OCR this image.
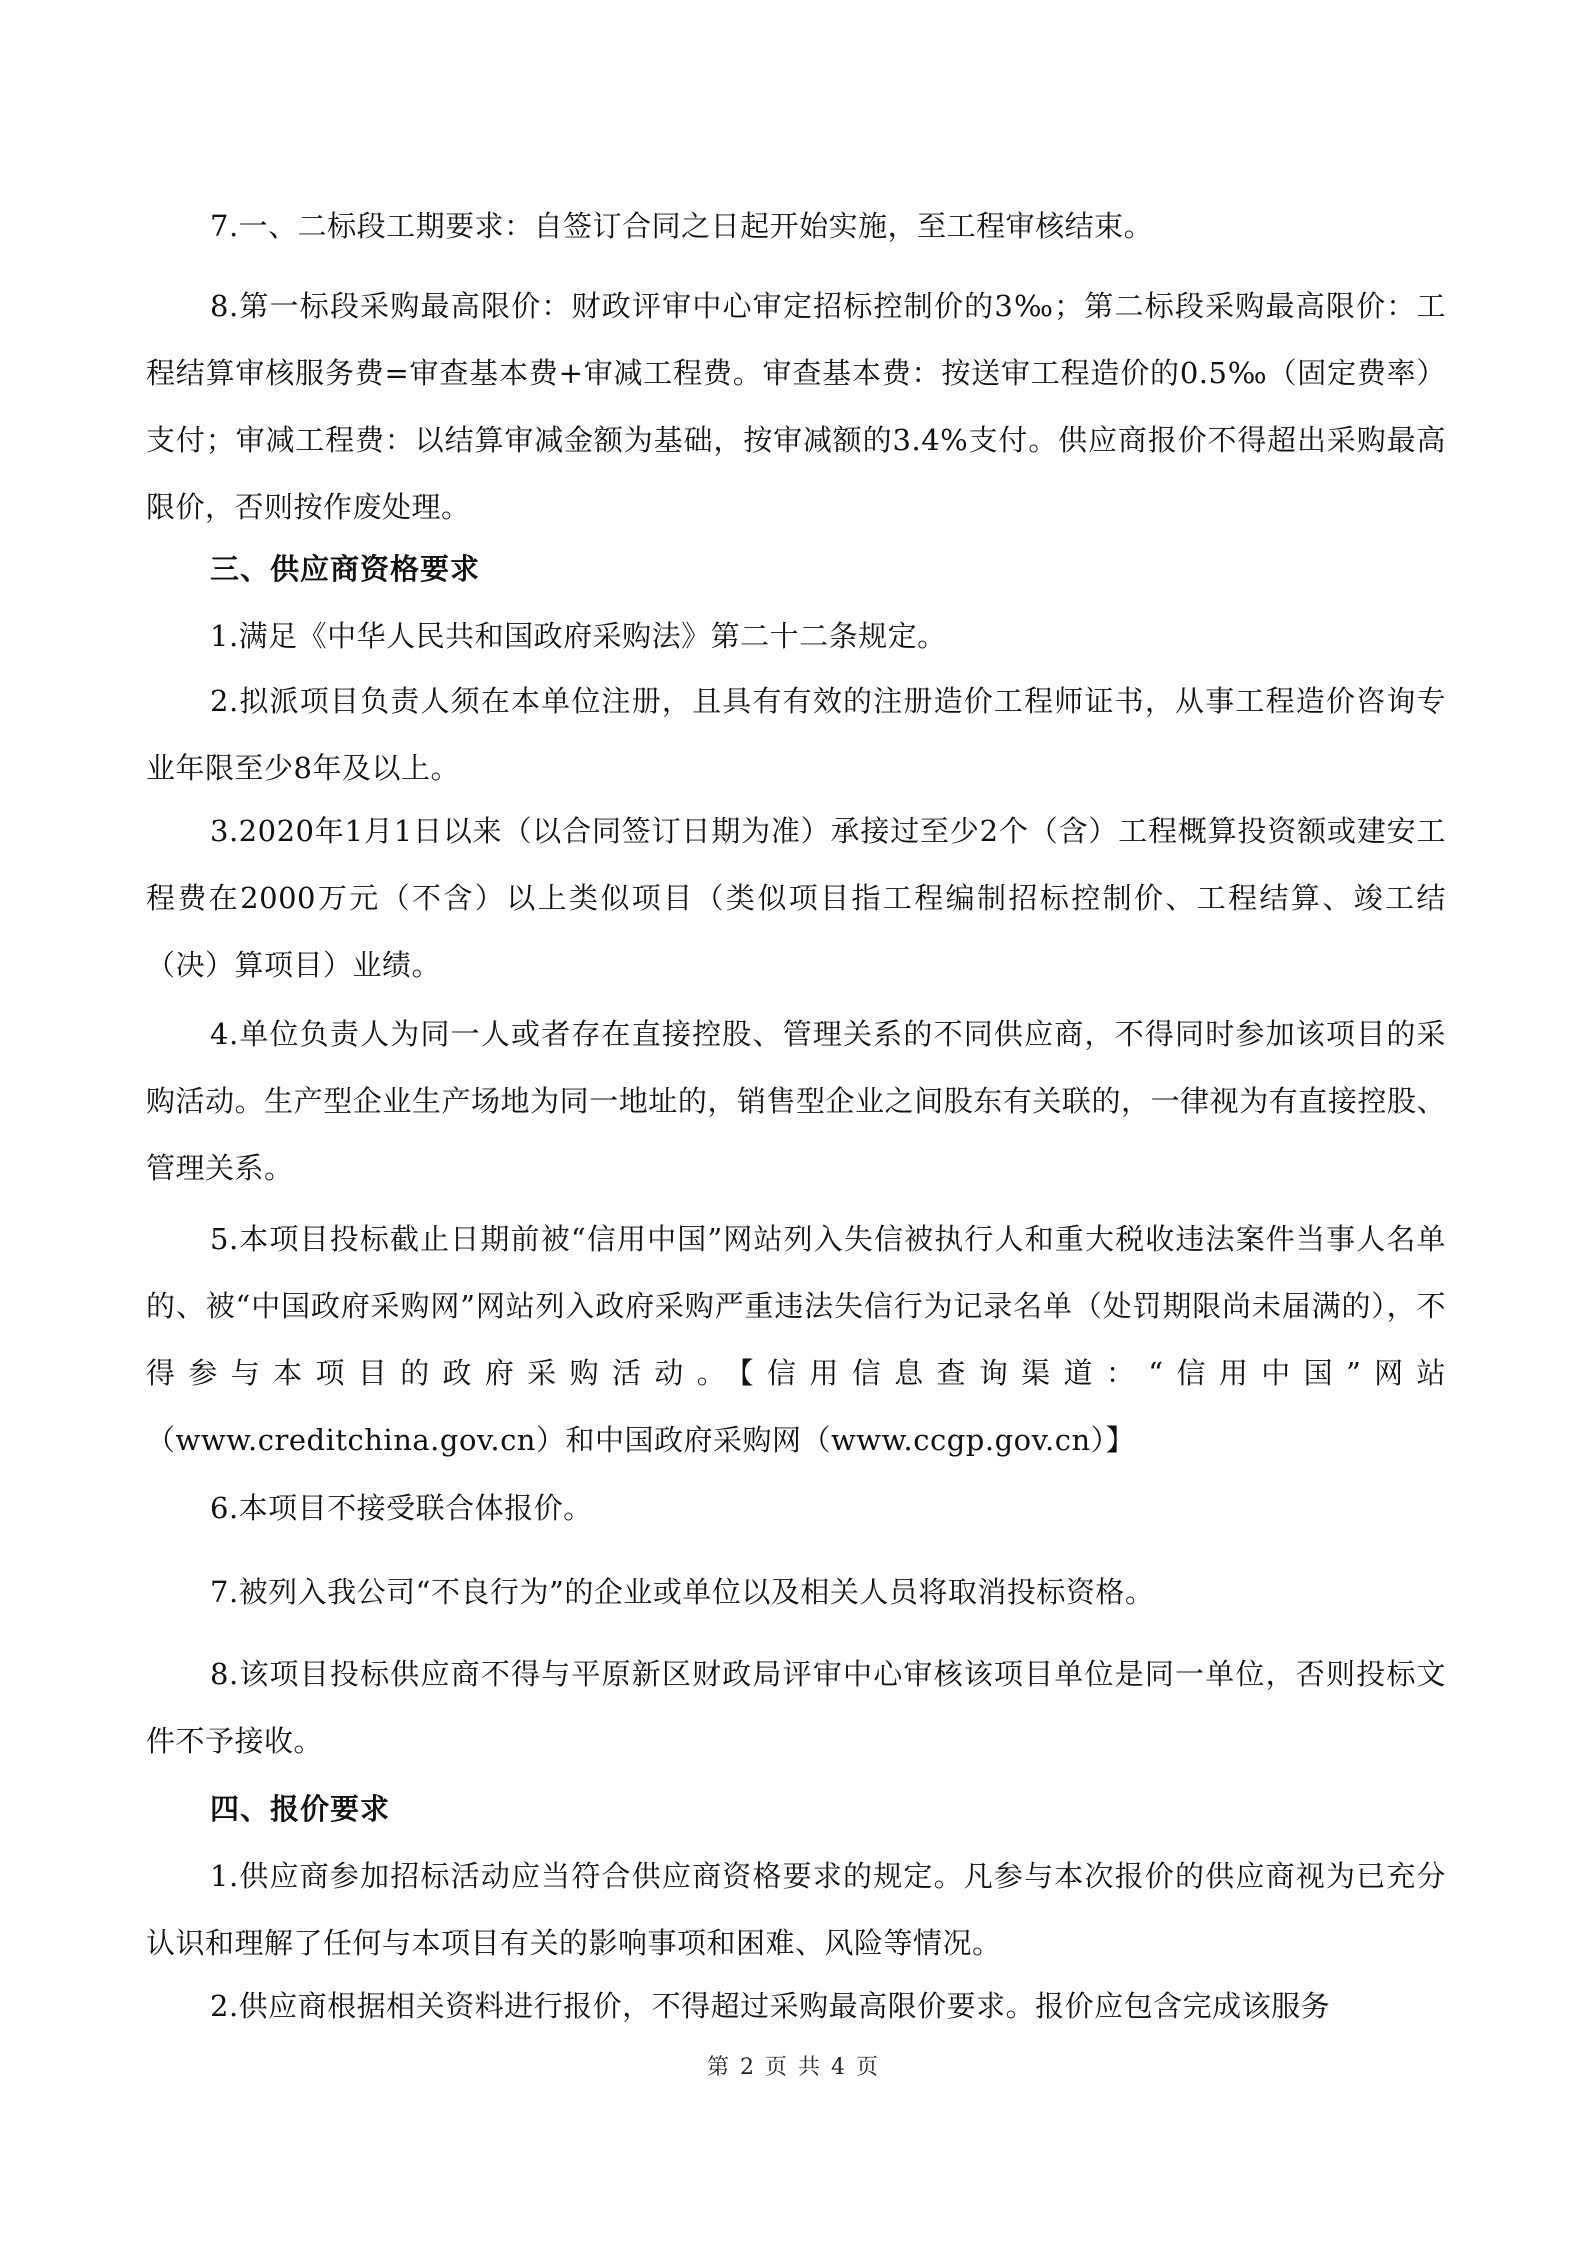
7.一、二标段工期要求：自签订合同之日起开始实施，至工程审核结束。

8.第一标段采购最高限价：财政评审中心审定招标控制价的3‰；第二标段采购最高限价：工程结算审核服务费=审查基本费+审减工程费。审查基本费：按送审工程造价的0.5‰（固定费率）支付；审减工程费：以结算审减金额为基础，按审减额的3.4%支付。供应商报价不得超出采购最高限价，否则按作废处理。

三、供应商资格要求

1.满足《中华人民共和国政府采购法》第二十二条规定。

2.拟派项目负责人须在本单位注册，且具有有效的注册造价工程师证书，从事工程造价咨询专业年限至少8年及以上。

3.2020年1月1日以来（以合同签订日期为准）承接过至少2个（含）工程概算投资额或建安工程费在2000万元（不含）以上类似项目（类似项目指工程编制招标控制价、工程结算、竣工结（决）算项目）业绩。

4.单位负责人为同一人或者存在直接控股、管理关系的不同供应商，不得同时参加该项目的采购活动。生产型企业生产场地为同一地址的，销售型企业之间股东有关联的，一律视为有直接控股、管理关系。

5.本项目投标截止日期前被“信用中国”网站列入失信被执行人和重大税收违法案件当事人名单的、被“中国政府采购网”网站列入政府采购严重违法失信行为记录名单（处罚期限尚未届满的），不得参与本项目的政府采购活动。【信用信息查询渠道：“信用中国”网站（www.creditchina.gov.cn）和中国政府采购网（www.ccgp.gov.cn）】

6.本项目不接受联合体报价。

7.被列入我公司“不良行为”的企业或单位以及相关人员将取消投标资格。

8.该项目投标供应商不得与平原新区财政局评审中心审核该项目单位是同一单位，否则投标文件不予接收。

四、报价要求

1.供应商参加招标活动应当符合供应商资格要求的规定。凡参与本次报价的供应商视为已充分认识和理解了任何与本项目有关的影响事项和困难、风险等情况。

2.供应商根据相关资料进行报价，不得超过采购最高限价要求。报价应包含完成该服务

第 2 页 共 4 页
